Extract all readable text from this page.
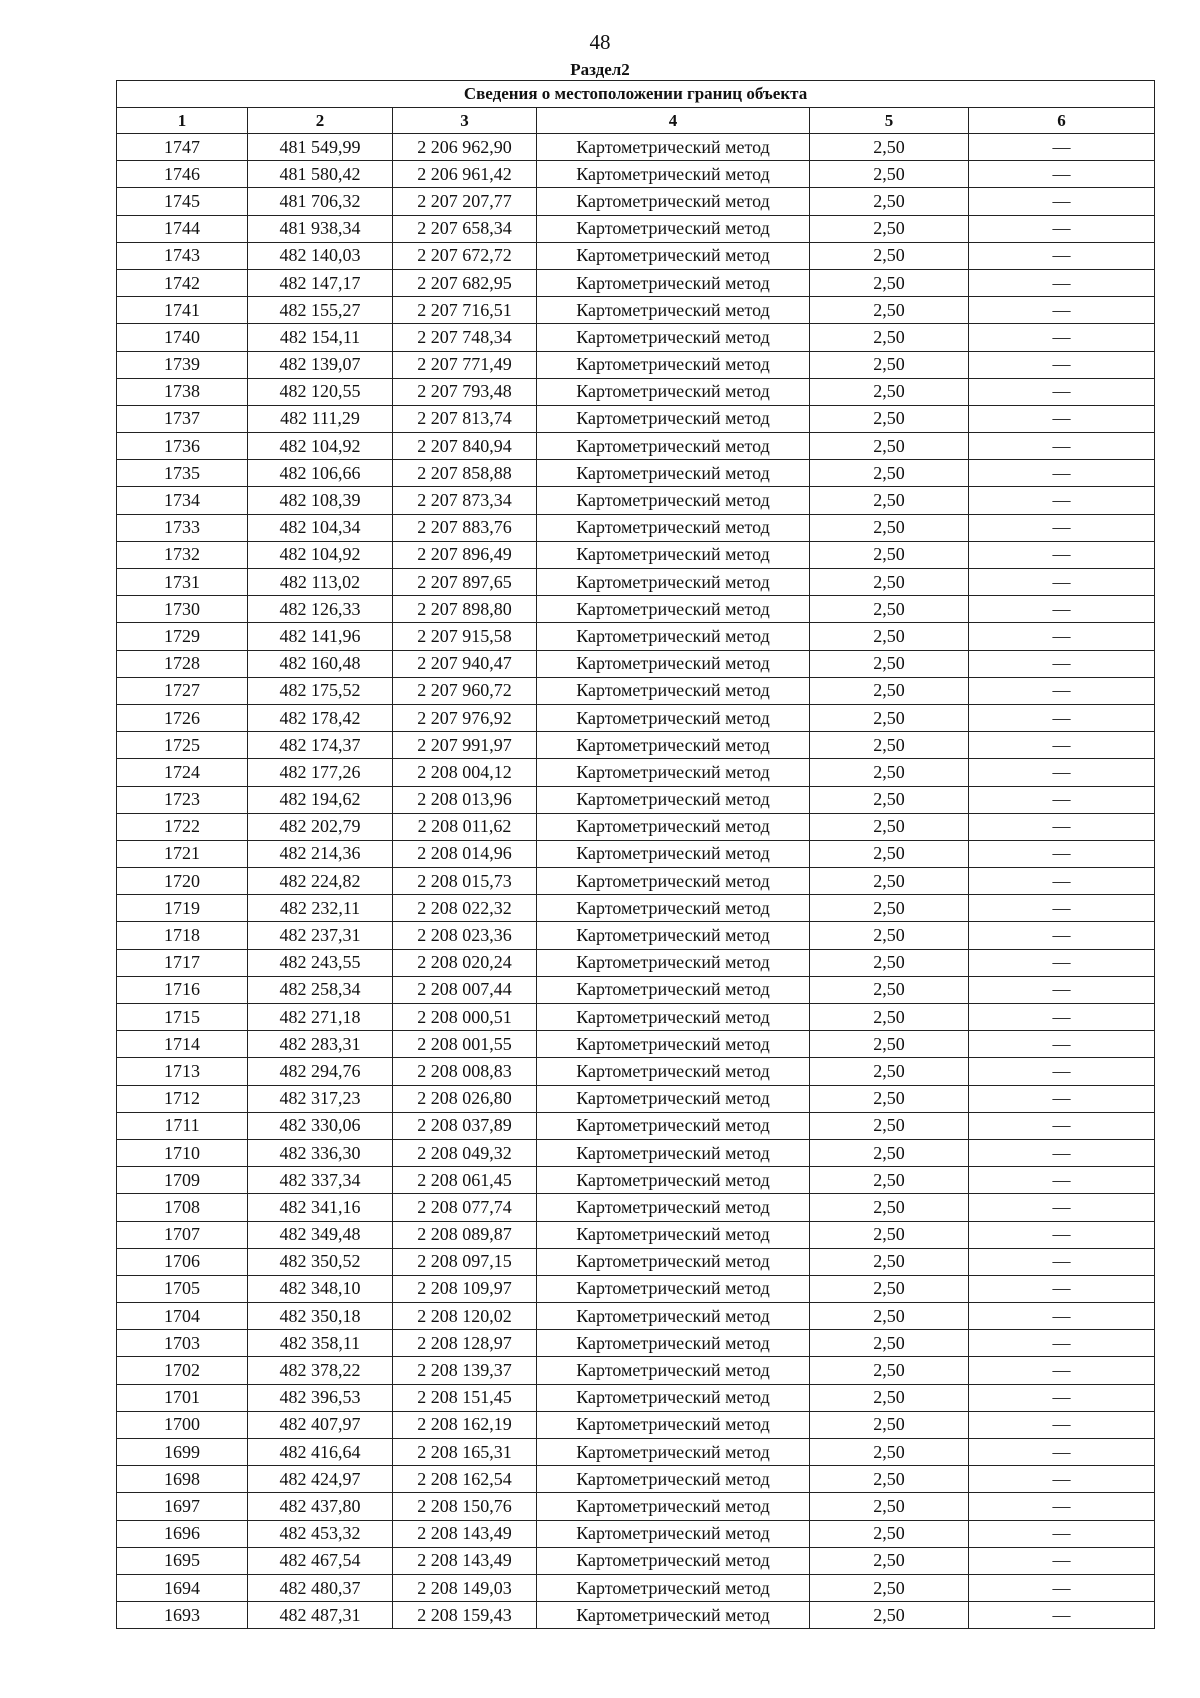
48
Раздел2
Сведения о местоположении границ объекта					
1	2	3	4	5	6
1747	481 549,99	2 206 962,90	Картометрический метод	2,50	—
1746	481 580,42	2 206 961,42	Картометрический метод	2,50	—
1745	481 706,32	2 207 207,77	Картометрический метод	2,50	—
1744	481 938,34	2 207 658,34	Картометрический метод	2,50	—
1743	482 140,03	2 207 672,72	Картометрический метод	2,50	—
1742	482 147,17	2 207 682,95	Картометрический метод	2,50	—
1741	482 155,27	2 207 716,51	Картометрический метод	2,50	—
1740	482 154,11	2 207 748,34	Картометрический метод	2,50	—
1739	482 139,07	2 207 771,49	Картометрический метод	2,50	—
1738	482 120,55	2 207 793,48	Картометрический метод	2,50	—
1737	482 111,29	2 207 813,74	Картометрический метод	2,50	—
1736	482 104,92	2 207 840,94	Картометрический метод	2,50	—
1735	482 106,66	2 207 858,88	Картометрический метод	2,50	—
1734	482 108,39	2 207 873,34	Картометрический метод	2,50	—
1733	482 104,34	2 207 883,76	Картометрический метод	2,50	—
1732	482 104,92	2 207 896,49	Картометрический метод	2,50	—
1731	482 113,02	2 207 897,65	Картометрический метод	2,50	—
1730	482 126,33	2 207 898,80	Картометрический метод	2,50	—
1729	482 141,96	2 207 915,58	Картометрический метод	2,50	—
1728	482 160,48	2 207 940,47	Картометрический метод	2,50	—
1727	482 175,52	2 207 960,72	Картометрический метод	2,50	—
1726	482 178,42	2 207 976,92	Картометрический метод	2,50	—
1725	482 174,37	2 207 991,97	Картометрический метод	2,50	—
1724	482 177,26	2 208 004,12	Картометрический метод	2,50	—
1723	482 194,62	2 208 013,96	Картометрический метод	2,50	—
1722	482 202,79	2 208 011,62	Картометрический метод	2,50	—
1721	482 214,36	2 208 014,96	Картометрический метод	2,50	—
1720	482 224,82	2 208 015,73	Картометрический метод	2,50	—
1719	482 232,11	2 208 022,32	Картометрический метод	2,50	—
1718	482 237,31	2 208 023,36	Картометрический метод	2,50	—
1717	482 243,55	2 208 020,24	Картометрический метод	2,50	—
1716	482 258,34	2 208 007,44	Картометрический метод	2,50	—
1715	482 271,18	2 208 000,51	Картометрический метод	2,50	—
1714	482 283,31	2 208 001,55	Картометрический метод	2,50	—
1713	482 294,76	2 208 008,83	Картометрический метод	2,50	—
1712	482 317,23	2 208 026,80	Картометрический метод	2,50	—
1711	482 330,06	2 208 037,89	Картометрический метод	2,50	—
1710	482 336,30	2 208 049,32	Картометрический метод	2,50	—
1709	482 337,34	2 208 061,45	Картометрический метод	2,50	—
1708	482 341,16	2 208 077,74	Картометрический метод	2,50	—
1707	482 349,48	2 208 089,87	Картометрический метод	2,50	—
1706	482 350,52	2 208 097,15	Картометрический метод	2,50	—
1705	482 348,10	2 208 109,97	Картометрический метод	2,50	—
1704	482 350,18	2 208 120,02	Картометрический метод	2,50	—
1703	482 358,11	2 208 128,97	Картометрический метод	2,50	—
1702	482 378,22	2 208 139,37	Картометрический метод	2,50	—
1701	482 396,53	2 208 151,45	Картометрический метод	2,50	—
1700	482 407,97	2 208 162,19	Картометрический метод	2,50	—
1699	482 416,64	2 208 165,31	Картометрический метод	2,50	—
1698	482 424,97	2 208 162,54	Картометрический метод	2,50	—
1697	482 437,80	2 208 150,76	Картометрический метод	2,50	—
1696	482 453,32	2 208 143,49	Картометрический метод	2,50	—
1695	482 467,54	2 208 143,49	Картометрический метод	2,50	—
1694	482 480,37	2 208 149,03	Картометрический метод	2,50	—
1693	482 487,31	2 208 159,43	Картометрический метод	2,50	—
